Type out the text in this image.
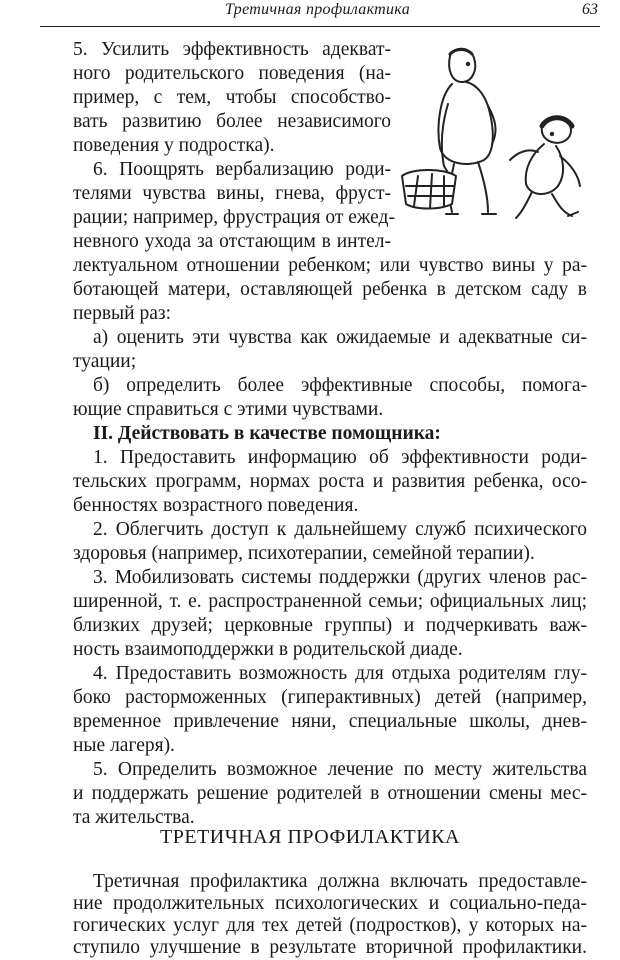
Третичная профилактика	63
5. Усилить эффективность адекват-
ного родительского поведения (на-
пример, с тем, чтобы способство-
вать развитию более независимого
поведения у подростка).
6. Поощрять вербализацию роди-
телями чувства вины, гнева, фруст-
рации; например, фрустрация от ежед-
невного ухода за отстающим в интел-
лектуальном отношении ребенком; или чувство вины у ра-
ботающей матери, оставляющей ребенка в детском саду в
первый раз:
а) оценить эти чувства как ожидаемые и адекватные си-
туации;
б) определить более эффективные способы, помога-
ющие справиться с этими чувствами.
II. Действовать в качестве помощника:
1. Предоставить информацию об эффективности роди-
тельских программ, нормах роста и развития ребенка, осо-
бенностях возрастного поведения.
2. Облегчить доступ к дальнейшему служб психического
здоровья (например, психотерапии, семейной терапии).
3. Мобилизовать системы поддержки (других членов рас-
ширенной, т. е. распространенной семьи; официальных лиц;
близких друзей; церковные группы) и подчеркивать важ-
ность взаимоподдержки в родительской диаде.
4. Предоставить возможность для отдыха родителям глу-
боко расторможенных (гиперактивных) детей (например,
временное привлечение няни, специальные школы, днев-
ные лагеря).
5. Определить возможное лечение по месту жительства
и поддержать решение родителей в отношении смены мес-
та жительства.
ТРЕТИЧНАЯ ПРОФИЛАКТИКА
Третичная профилактика должна включать предоставле-
ние продолжительных психологических и социально-педа-
гогических услуг для тех детей (подростков), у которых на-
ступило улучшение в результате вторичной профилактики.
